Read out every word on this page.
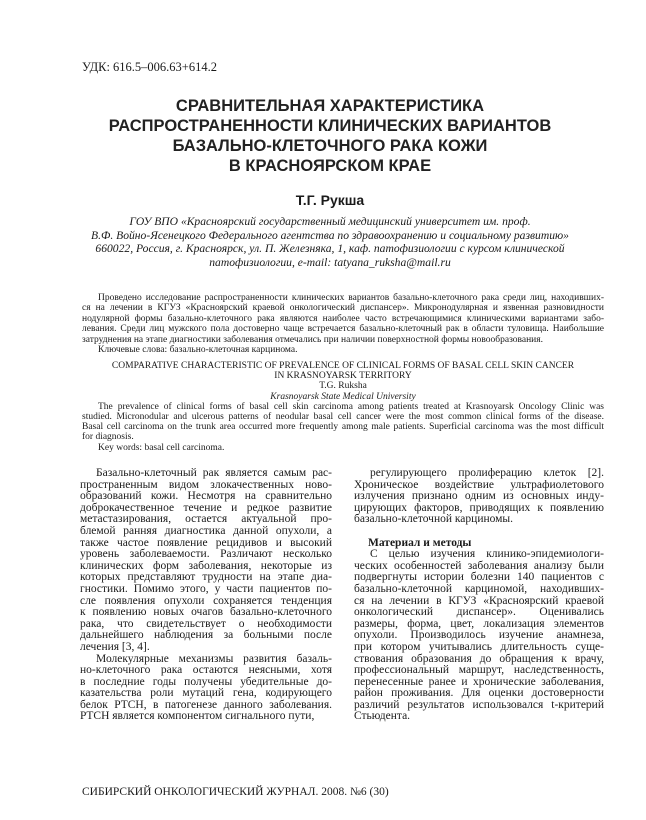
УДК: 616.5–006.63+614.2
СРАВНИТЕЛЬНАЯ ХАРАКТЕРИСТИКА
РАСПРОСТРАНЕННОСТИ КЛИНИЧЕСКИХ ВАРИАНТОВ
БАЗАЛЬНО-КЛЕТОЧНОГО РАКА КОЖИ
В КРАСНОЯРСКОМ КРАЕ
Т.Г. Рукша
ГОУ ВПО «Красноярский государственный медицинский университет им. проф.
В.Ф. Войно-Ясенецкого Федерального агентства по здравоохранению и социальному развитию»
660022, Россия, г. Красноярск, ул. П. Железняка, 1, каф. патофизиологии с курсом клинической
патофизиологии, e-mail: tatyana_ruksha@mail.ru
Проведено исследование распространенности клинических вариантов базально-клеточного рака среди лиц, находивших-
ся на лечении в КГУЗ «Красноярский краевой онкологический диспансер». Микронодулярная и язвенная разновидности
нодулярной формы базально-клеточного рака являются наиболее часто встречающимися клиническими вариантами забо-
левания. Среди лиц мужского пола достоверно чаще встречается базально-клеточный рак в области туловища. Наибольшие
затруднения на этапе диагностики заболевания отмечались при наличии поверхностной формы новообразования.
Ключевые слова: базально-клеточная карцинома.
COMPARATIVE CHARACTERISTIC OF PREVALENCE OF CLINICAL FORMS OF BASAL CELL SKIN CANCER
IN KRASNOYARSK TERRITORY
T.G. Ruksha
Krasnoyarsk State Medical University
The prevalence of clinical forms of basal cell skin carcinoma among patients treated at Krasnoyarsk Oncology Clinic was
studied. Micronodular and ulcerous patterns of neodular basal cell cancer were the most common clinical forms of the disease.
Basal cell carcinoma on the trunk area occurred more frequently among male patients. Superficial carcinoma was the most difficult
for diagnosis.
Key words: basal cell carcinoma.
Базально-клеточный рак является самым рас-
пространенным видом злокачественных ново-
образований кожи. Несмотря на сравнительно
доброкачественное течение и редкое развитие
метастазирования, остается актуальной про-
блемой ранняя диагностика данной опухоли, а
также частое появление рецидивов и высокий
уровень заболеваемости. Различают несколько
клинических форм заболевания, некоторые из
которых представляют трудности на этапе диа-
гностики. Помимо этого, у части пациентов по-
сле появления опухоли сохраняется тенденция
к появлению новых очагов базально-клеточного
рака, что свидетельствует о необходимости
дальнейшего наблюдения за больными после
лечения [3, 4].
Молекулярные механизмы развития базаль-
но-клеточного рака остаются неясными, хотя
в последние годы получены убедительные до-
казательства роли мутаций гена, кодирующего
белок PTCH, в патогенезе данного заболевания.
PTCH является компонентом сигнального пути,
регулирующего пролиферацию клеток [2].
Хроническое воздействие ультрафиолетового
излучения признано одним из основных инду-
цирующих факторов, приводящих к появлению
базально-клеточной карциномы.
Материал и методы
С целью изучения клинико-эпидемиологи-
ческих особенностей заболевания анализу были
подвергнуты истории болезни 140 пациентов с
базально-клеточной карциномой, находивших-
ся на лечении в КГУЗ «Красноярский краевой
онкологический диспансер». Оценивались
размеры, форма, цвет, локализация элементов
опухоли. Производилось изучение анамнеза,
при котором учитывались длительность суще-
ствования образования до обращения к врачу,
профессиональный маршрут, наследственность,
перенесенные ранее и хронические заболевания,
район проживания. Для оценки достоверности
различий результатов использовался t-критерий
Стьюдента.
СИБИРСКИЙ ОНКОЛОГИЧЕСКИЙ ЖУРНАЛ. 2008. №6 (30)
